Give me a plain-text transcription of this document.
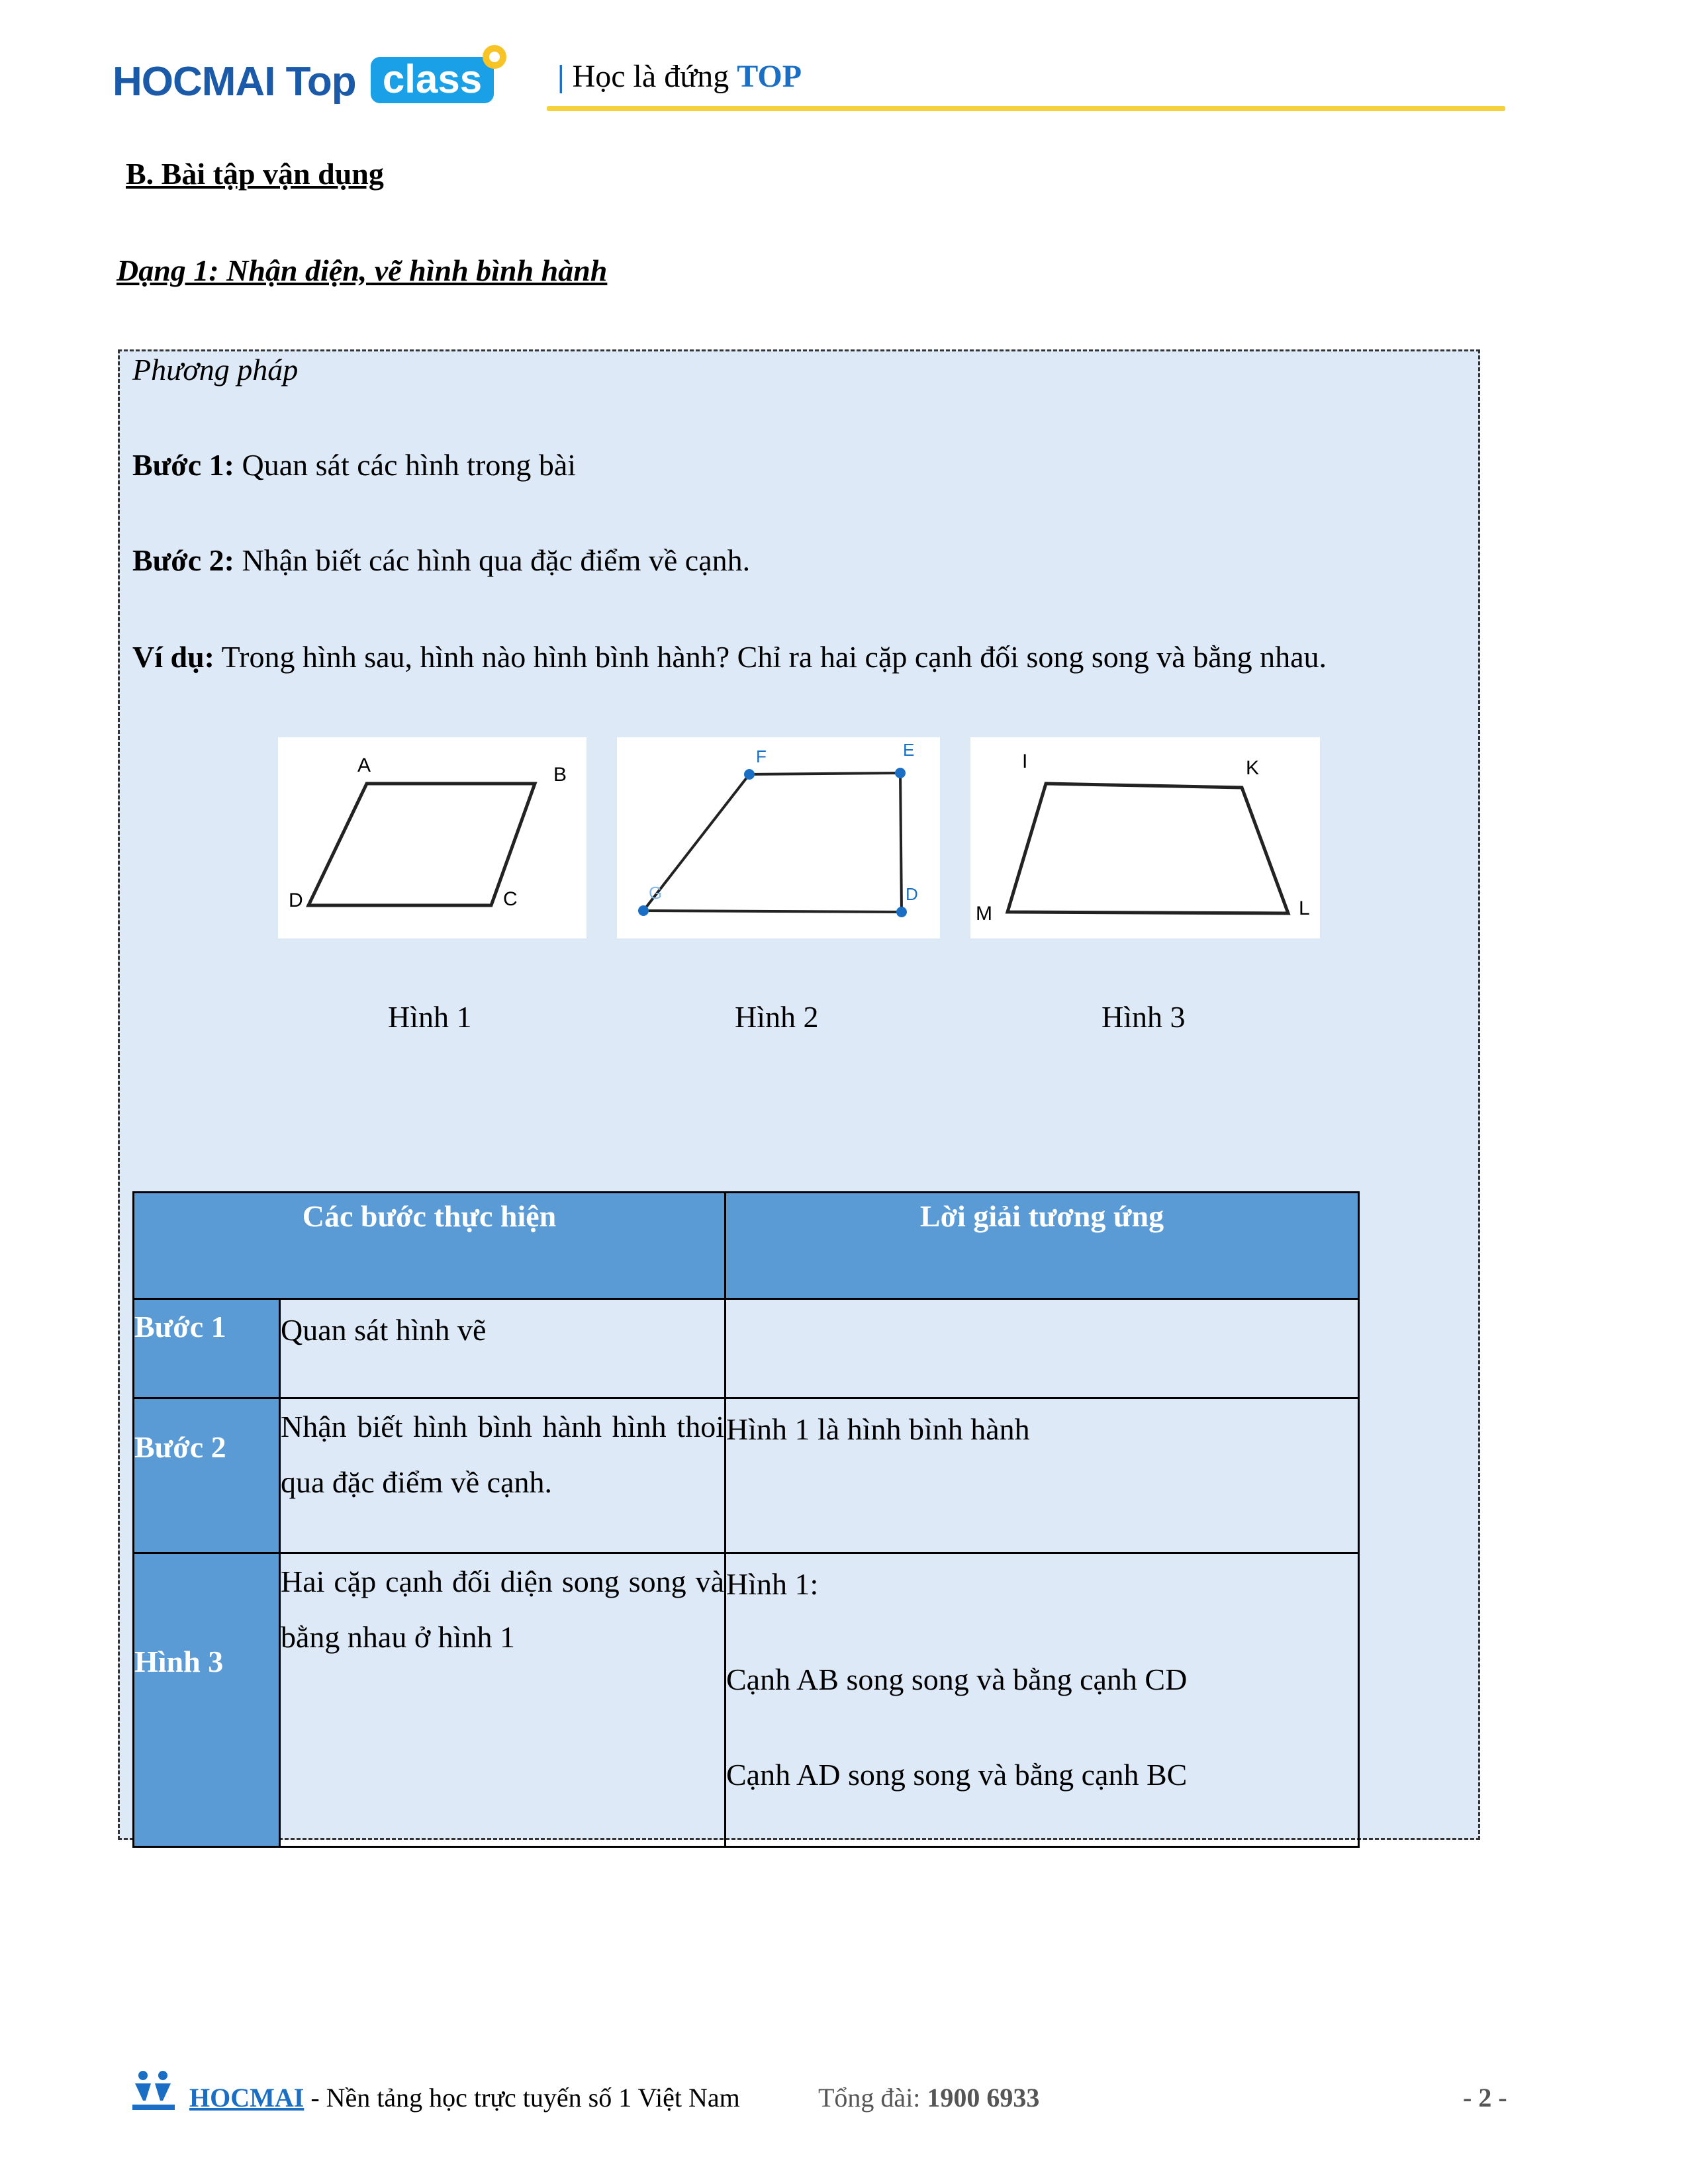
HOCMAI Top class	| Học là đứng TOP
B. Bài tập vận dụng
Dạng 1: Nhận diện, vẽ hình bình hành
Phương pháp
Bước 1: Quan sát các hình trong bài
Bước 2: Nhận biết các hình qua đặc điểm về cạnh.
Ví dụ: Trong hình sau, hình nào hình bình hành? Chỉ ra hai cặp cạnh đối song song và bằng nhau.
A	B
C
D
F	E
D
G
I	K
L
M
Hình 1	Hình 2	Hình 3
Các bước thực hiện		Lời giải tương ứng
Bước 1	Quan sát hình vẽ	
Bước 2	Nhận biết hình bình hành hình thoi qua đặc điểm về cạnh.	Hình 1 là hình bình hành
Hình 3	Hai cặp cạnh đối diện song song và bằng nhau ở hình 1	Hình 1:
Cạnh AB song song và bằng cạnh CD
Cạnh AD song song và bằng cạnh BC
HOCMAI - Nền tảng học trực tuyến số 1 Việt Nam	Tổng đài: 1900 6933	- 2 -
